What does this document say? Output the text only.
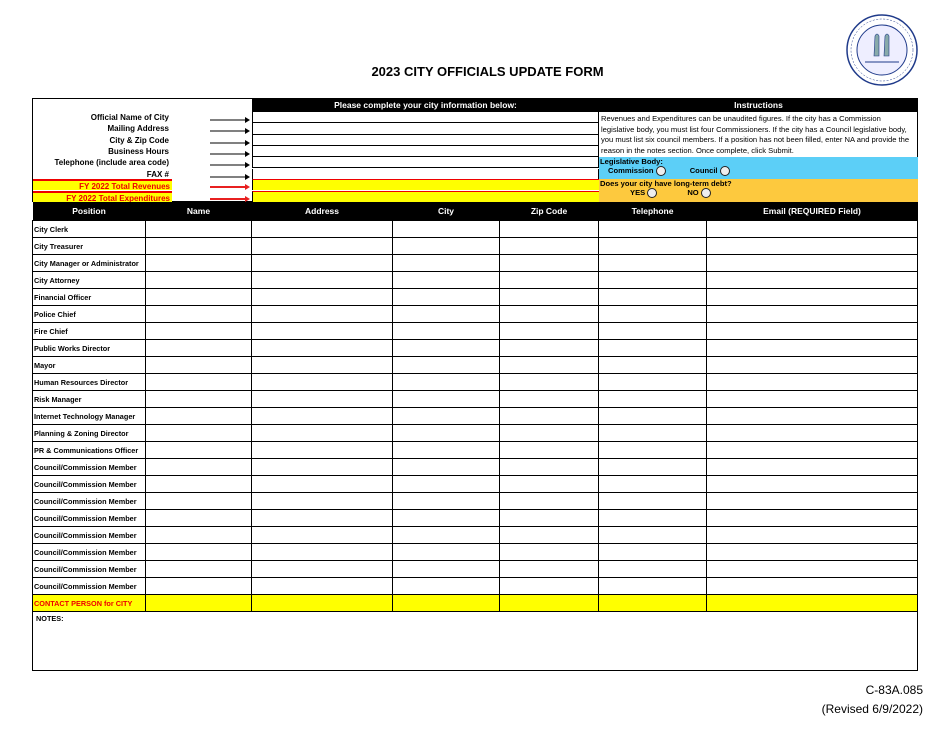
2023 CITY OFFICIALS UPDATE FORM
Official Name of City
Mailing Address
City & Zip Code
Business Hours
Telephone (include area code)
FAX #
FY 2022 Total Revenues
FY 2022 Total Expenditures
Please complete your city information below:	Instructions
Revenues and Expenditures can be unaudited figures. If the city has a Commission legislative body, you must list four Commissioners. If the city has a Council legislative body, you must list six council members. If a position has not been filled, enter NA and provide the reason in the notes section. Once complete, click Submit.
Legislative Body:
Commission	Council
Does your city have long-term debt?
YES	NO
Position	Name	Address	City	Zip Code	Telephone	Email (REQUIRED Field)
City Clerk						
City Treasurer						
City Manager or Administrator						
City Attorney						
Financial Officer						
Police Chief						
Fire Chief						
Public Works Director						
Mayor						
Human Resources Director						
Risk Manager						
Internet Technology Manager						
Planning & Zoning Director						
PR & Communications Officer						
Council/Commission Member						
Council/Commission Member						
Council/Commission Member						
Council/Commission Member						
Council/Commission Member						
Council/Commission Member						
Council/Commission Member						
Council/Commission Member						
CONTACT PERSON for CITY						
NOTES:
C-83A.085
(Revised 6/9/2022)
